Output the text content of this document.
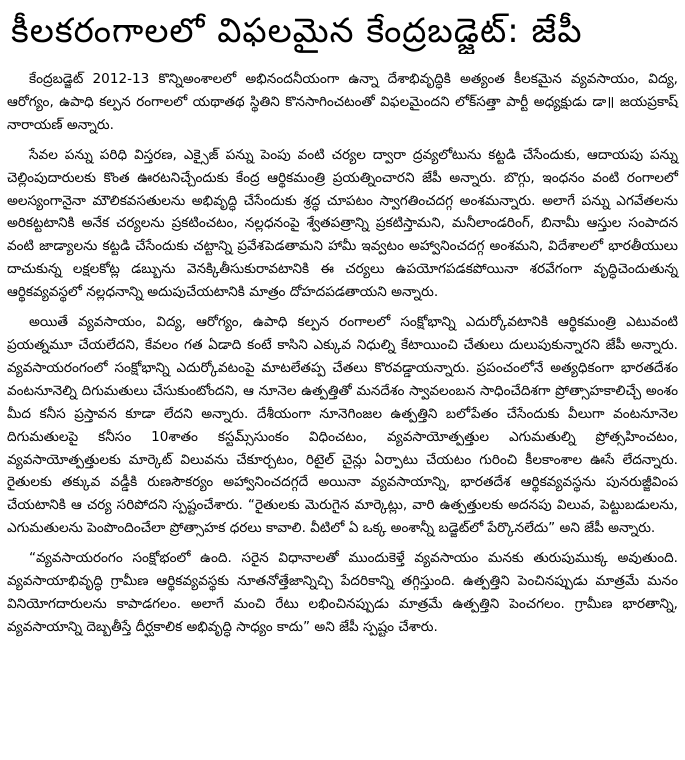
కీలకరంగాలలో విఫలమైన కేంద్రబడ్జెట్‌: జేపీ

కేంద్రబడ్జెట్‌ 2012-13 కొన్నిఅంశాలలో అభినందనీయంగా ఉన్నా దేశాభివృద్ధికి అత్యంత కీలకమైన వ్యవసాయం, విద్య, ఆరోగ్యం, ఉపాధి కల్పన రంగాలలో యథాతథ స్థితిని కొనసాగించటంతో విఫలమైందని లోక్‌సత్తా పార్టీ అధ్యక్షుడు డా॥ జయప్రకాష్‌ నారాయణ్‌ అన్నారు.

సేవల పన్ను పరిధి విస్తరణ, ఎక్సైజ్‌ పన్ను పెంపు వంటి చర్యల ద్వారా ద్రవ్యలోటును కట్టడి చేసేందుకు, ఆదాయపు పన్ను చెల్లింపుదారులకు కొంత ఊరటనిచ్చేందుకు కేంద్ర ఆర్థికమంత్రి ప్రయత్నించారని జేపీ అన్నారు. బొగ్గు, ఇంధనం వంటి రంగాలలో అలస్యంగానైనా మౌలికవసతులను అభివృద్ధి చేసేందుకు శ్రద్ధ చూపటం స్వాగతించదగ్గ అంశమన్నారు. అలాగే పన్ను ఎగవేతలను అరికట్టటానికి అనేక చర్యలను ప్రకటించటం, నల్లధనంపై శ్వేతపత్రాన్ని ప్రకటిస్తామని, మనీలాండరింగ్‌, బినామీ ఆస్తుల సంపాదన వంటి జాడ్యాలను కట్టడి చేసేందుకు చట్టాన్ని ప్రవేశపెడతామని హామీ ఇవ్వటం అహ్వానించదగ్గ అంశమని, విదేశాలలో భారతీయులు దాచుకున్న లక్షలకోట్ల డబ్బును వెనక్కితీసుకురావటానికి ఈ చర్యలు ఉపయోగపడకపోయినా శరవేగంగా వృద్ధిచెందుతున్న ఆర్థికవ్యవస్థలో నల్లధనాన్ని అదుపుచేయటానికి మాత్రం దోహదపడతాయని అన్నారు.

అయితే వ్యవసాయం, విద్య, ఆరోగ్యం, ఉపాధి కల్పన రంగాలలో సంక్షోభాన్ని ఎదుర్కోవటానికి ఆర్థికమంత్రి ఎటువంటి ప్రయత్నమూ చేయలేదని, కేవలం గత ఏడాది కంటే కాసిని ఎక్కువ నిధుల్ని కేటాయించి చేతులు దులుపుకున్నారని జేపీ అన్నారు. వ్యవసాయరంగంలో సంక్షోభాన్ని ఎదుర్కోవటంపై మాటలేతప్ప చేతలు కొరవడ్డాయన్నారు. ప్రపంచంలోనే అత్యధికంగా భారతదేశం వంటనూనెల్ని దిగుమతులు చేసుకుంటోందని, ఆ నూనెల ఉత్పత్తితో మనదేశం స్వావలంబన సాధించేదిశగా ప్రోత్సాహకాలిచ్చే అంశం మీద కనీస ప్రస్తావన కూడా లేదని అన్నారు. దేశీయంగా నూనెగింజల ఉత్పత్తిని బలోపేతం చేసేందుకు వీలుగా వంటనూనెల దిగుమతులపై కనీసం 10శాతం కస్టమ్స్‌సుంకం విధించటం, వ్యవసాయోత్పత్తుల ఎగుమతుల్ని ప్రోత్సహించటం, వ్యవసాయోత్పత్తులకు మార్కెట్‌ విలువను చేకూర్చటం, రిటైల్‌ చైన్లు ఏర్పాటు చేయటం గురించి కీలకాంశాల ఊసే లేదన్నారు. రైతులకు తక్కువ వడ్డీకి రుణసౌకర్యం అహ్వానించదగ్గదే అయినా వ్యవసాయాన్ని, భారతదేశ ఆర్థికవ్యవస్థను పునరుజ్జీవింప చేయటానికి ఆ చర్య సరిపోదని స్పష్టంచేశారు. “రైతులకు మెరుగైన మార్కెట్లు, వారి ఉత్పత్తులకు అదనపు విలువ, పెట్టుబడులను, ఎగుమతులను పెంపొందించేలా ప్రోత్సాహక ధరలు కావాలి. వీటిలో ఏ ఒక్క అంశాన్నీ బడ్జెట్‌లో పేర్కొనలేదు” అని జేపీ అన్నారు.

“వ్యవసాయరంగం సంక్షోభంలో ఉంది. సరైన విధానాలతో ముందుకెళ్తే వ్యవసాయం మనకు తురుపుముక్క అవుతుంది. వ్యవసాయాభివృద్ధి గ్రామీణ ఆర్థికవ్యవస్థకు నూతనోత్తేజాన్నిచ్చి పేదరికాన్ని తగ్గిస్తుంది. ఉత్పత్తిని పెంచినప్పుడు మాత్రమే మనం వినియోగదారులను కాపాడగలం. అలాగే మంచి రేటు లభించినప్పుడు మాత్రమే ఉత్పత్తిని పెంచగలం. గ్రామీణ భారతాన్ని, వ్యవసాయాన్ని దెబ్బతీస్తే దీర్ఘకాలిక అభివృద్ధి సాధ్యం కాదు” అని జేపీ స్పష్టం చేశారు.
